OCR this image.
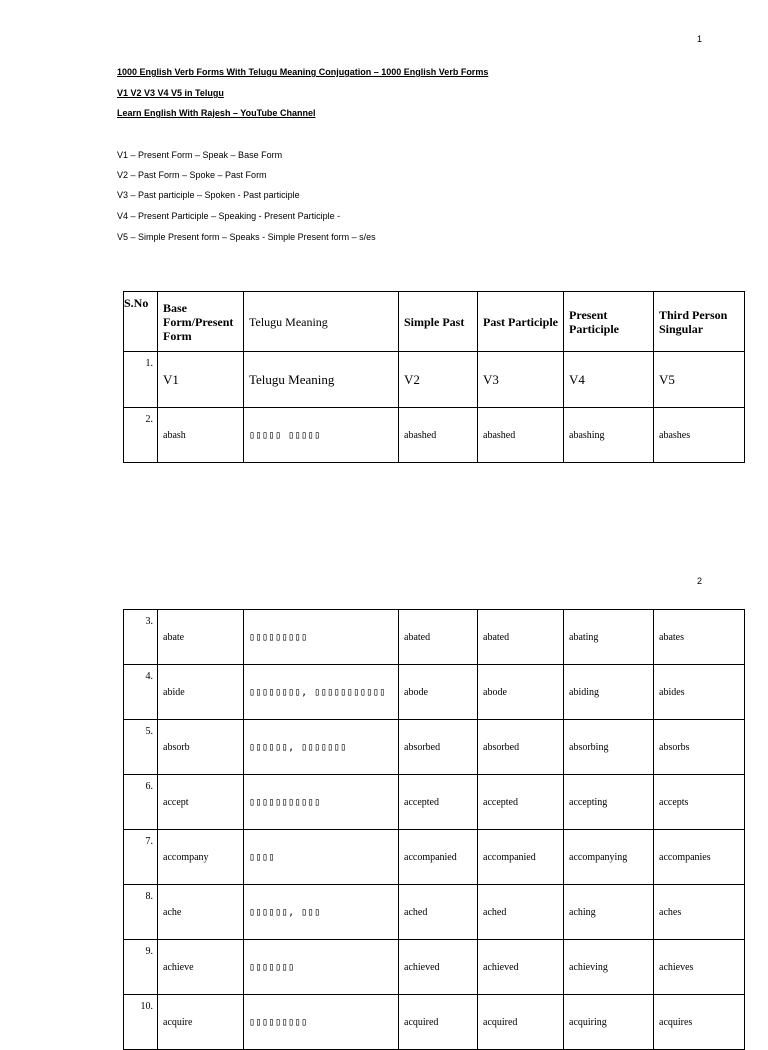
1
1000 English Verb Forms With Telugu Meaning Conjugation – 1000 English Verb Forms
V1 V2 V3 V4 V5 in Telugu
Learn English With Rajesh – YouTube Channel
V1 – Present Form – Speak – Base Form
V2 – Past Form – Spoke – Past Form
V3 – Past participle – Spoken - Past participle
V4 – Present Participle – Speaking - Present Participle -
V5 – Simple Present form – Speaks - Simple Present form – s/es
S.No	Base Form/Present Form	Telugu Meaning	Simple Past	Past Participle	Present Participle	Third Person Singular
1.	V1	Telugu Meaning	V2	V3	V4	V5
2.	abash	▯▯▯▯▯ ▯▯▯▯▯	abashed	abashed	abashing	abashes
2
3.	abate	▯▯▯▯▯▯▯▯▯	abated	abated	abating	abates
4.	abide	▯▯▯▯▯▯▯▯, ▯▯▯▯▯▯▯▯▯▯▯	abode	abode	abiding	abides
5.	absorb	▯▯▯▯▯▯, ▯▯▯▯▯▯▯	absorbed	absorbed	absorbing	absorbs
6.	accept	▯▯▯▯▯▯▯▯▯▯▯	accepted	accepted	accepting	accepts
7.	accompany	▯▯▯▯	accompanied	accompanied	accompanying	accompanies
8.	ache	▯▯▯▯▯▯, ▯▯▯	ached	ached	aching	aches
9.	achieve	▯▯▯▯▯▯▯	achieved	achieved	achieving	achieves
10.	acquire	▯▯▯▯▯▯▯▯▯	acquired	acquired	acquiring	acquires
